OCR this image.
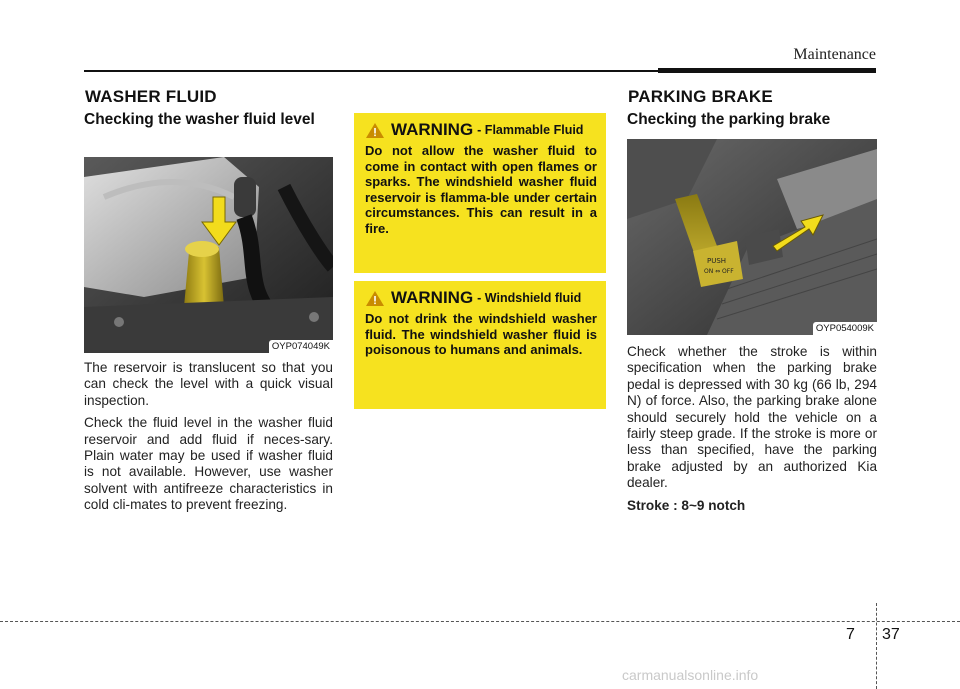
Maintenance
WASHER FLUID
Checking the washer fluid level
OYP074049K

The reservoir is translucent so that you can check the level with a quick visual inspection.

Check the fluid level in the washer fluid reservoir and add fluid if neces-sary. Plain water may be used if washer fluid is not available. However, use washer solvent with antifreeze characteristics in cold cli-mates to prevent freezing.

WARNING - Flammable Fluid
Do not allow the washer fluid to come in contact with open flames or sparks. The windshield washer fluid reservoir is flamma-ble under certain circumstances. This can result in a fire.
WARNING - Windshield fluid
Do not drink the windshield washer fluid. The windshield washer fluid is poisonous to humans and animals.
PARKING BRAKE
Checking the parking brake
PUSH
ON ⇔ OFF
OYP054009K

Check whether the stroke is within specification when the parking brake pedal is depressed with 30 kg (66 lb, 294 N) of force. Also, the parking brake alone should securely hold the vehicle on a fairly steep grade. If the stroke is more or less than specified, have the parking brake adjusted by an authorized Kia dealer.

Stroke : 8~9 notch

7 37
carmanualsonline.info
